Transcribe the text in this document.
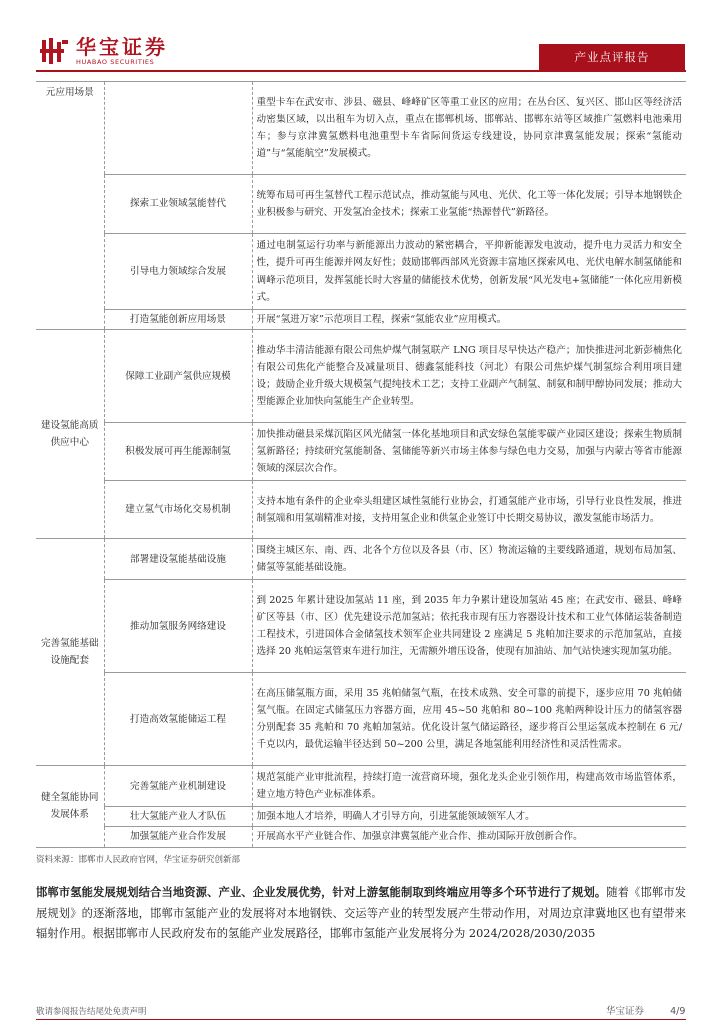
华宝证券
HUABAO SECURITIES	产业点评报告
元应用场景		重型卡车在武安市、涉县、磁县、峰峰矿区等重工业区的应用；在丛台区、复兴区、邯山区等经济活动密集区域，以出租车为切入点，重点在邯郸机场、邯郸站、邯郸东站等区域推广氢燃料电池乘用车；参与京津冀氢燃料电池重型卡车省际间货运专线建设，协同京津冀氢能发展；探索“氢能动道”与“氢能航空”发展模式。
	探索工业领域氢能替代	统筹布局可再生氢替代工程示范试点，推动氢能与风电、光伏、化工等一体化发展；引导本地钢铁企业积极参与研究、开发氢冶金技术；探索工业氢能“热源替代”新路径。
	引导电力领域综合发展	通过电制氢运行功率与新能源出力波动的紧密耦合，平抑新能源发电波动，提升电力灵活力和安全性，提升可再生能源并网友好性；鼓励邯郸西部风光资源丰富地区探索风电、光伏电解水制氢储能和调峰示范项目，发挥氢能长时大容量的储能技术优势，创新发展“风光发电+氢储能”一体化应用新模式。
	打造氢能创新应用场景	开展“氢进万家”示范项目工程，探索“氢能农业”应用模式。
建设氢能高质供应中心	保障工业副产氢供应规模	推动华丰清洁能源有限公司焦炉煤气制氢联产 LNG 项目尽早快达产稳产；加快推进河北新彭楠焦化有限公司焦化产能整合及减量项目、德鑫氢能科技（河北）有限公司焦炉煤气制氢综合利用项目建设；鼓励企业升级大规模氢气提纯技术工艺；支持工业副产气制氢、制氨和制甲醇协同发展；推动大型能源企业加快向氢能生产企业转型。
	积极发展可再生能源制氢	加快推动磁县采煤沉陷区风光储氢一体化基地项目和武安绿色氢能零碳产业园区建设；探索生物质制氢新路径；持续研究氢能制备、氢储能等新兴市场主体参与绿色电力交易，加强与内蒙古等省市能源领域的深层次合作。
	建立氢气市场化交易机制	支持本地有条件的企业牵头组建区域性氢能行业协会，打通氢能产业市场，引导行业良性发展，推进制氢端和用氢端精准对接，支持用氢企业和供氢企业签订中长期交易协议，激发氢能市场活力。
完善氢能基础设施配套	部署建设氢能基础设施	围绕主城区东、南、西、北各个方位以及各县（市、区）物流运输的主要线路通道，规划布局加氢、储氢等氢能基础设施。
	推动加氢服务网络建设	到 2025 年累计建设加氢站 11 座，到 2035 年力争累计建设加氢站 45 座；在武安市、磁县、峰峰矿区等县（市、区）优先建设示范加氢站；依托我市现有压力容器设计技术和工业气体储运装备制造工程技术，引进国体合金储氢技术领军企业共同建设 2 座满足 5 兆帕加注要求的示范加氢站，直接选择 20 兆帕运氢管束车进行加注，无需额外增压设备，使现有加油站、加气站快速实现加氢功能。
	打造高效氢能储运工程	在高压储氢瓶方面，采用 35 兆帕储氢气瓶，在技术成熟、安全可靠的前提下，逐步应用 70 兆帕储氢气瓶。在固定式储氢压力容器方面，应用 45~50 兆帕和 80~100 兆帕两种设计压力的储氢容器分别配套 35 兆帕和 70 兆帕加氢站。优化设计氢气储运路径，逐步将百公里运氢成本控制在 6 元/千克以内，最优运输半径达到 50~200 公里，满足各地氢能利用经济性和灵活性需求。
健全氢能协同发展体系	完善氢能产业机制建设	规范氢能产业审批流程，持续打造一流营商环境，强化龙头企业引领作用，构建高效市场监管体系，建立地方特色产业标准体系。
	壮大氢能产业人才队伍	加强本地人才培养，明确人才引导方向，引进氢能领域领军人才。
	加强氢能产业合作发展	开展高水平产业链合作、加强京津冀氢能产业合作、推动国际开放创新合作。
资料来源：邯郸市人民政府官网，华宝证券研究创新部
邯郸市氢能发展规划结合当地资源、产业、企业发展优势，针对上游氢能制取到终端应用等多个环节进行了规划。随着《邯郸市发展规划》的逐渐落地，邯郸市氢能产业的发展将对本地钢铁、交运等产业的转型发展产生带动作用，对周边京津冀地区也有望带来辐射作用。根据邯郸市人民政府发布的氢能产业发展路径，邯郸市氢能产业发展将分为 2024/2028/2030/2035
敬请参阅报告结尾处免责声明	华宝证券	4/9
